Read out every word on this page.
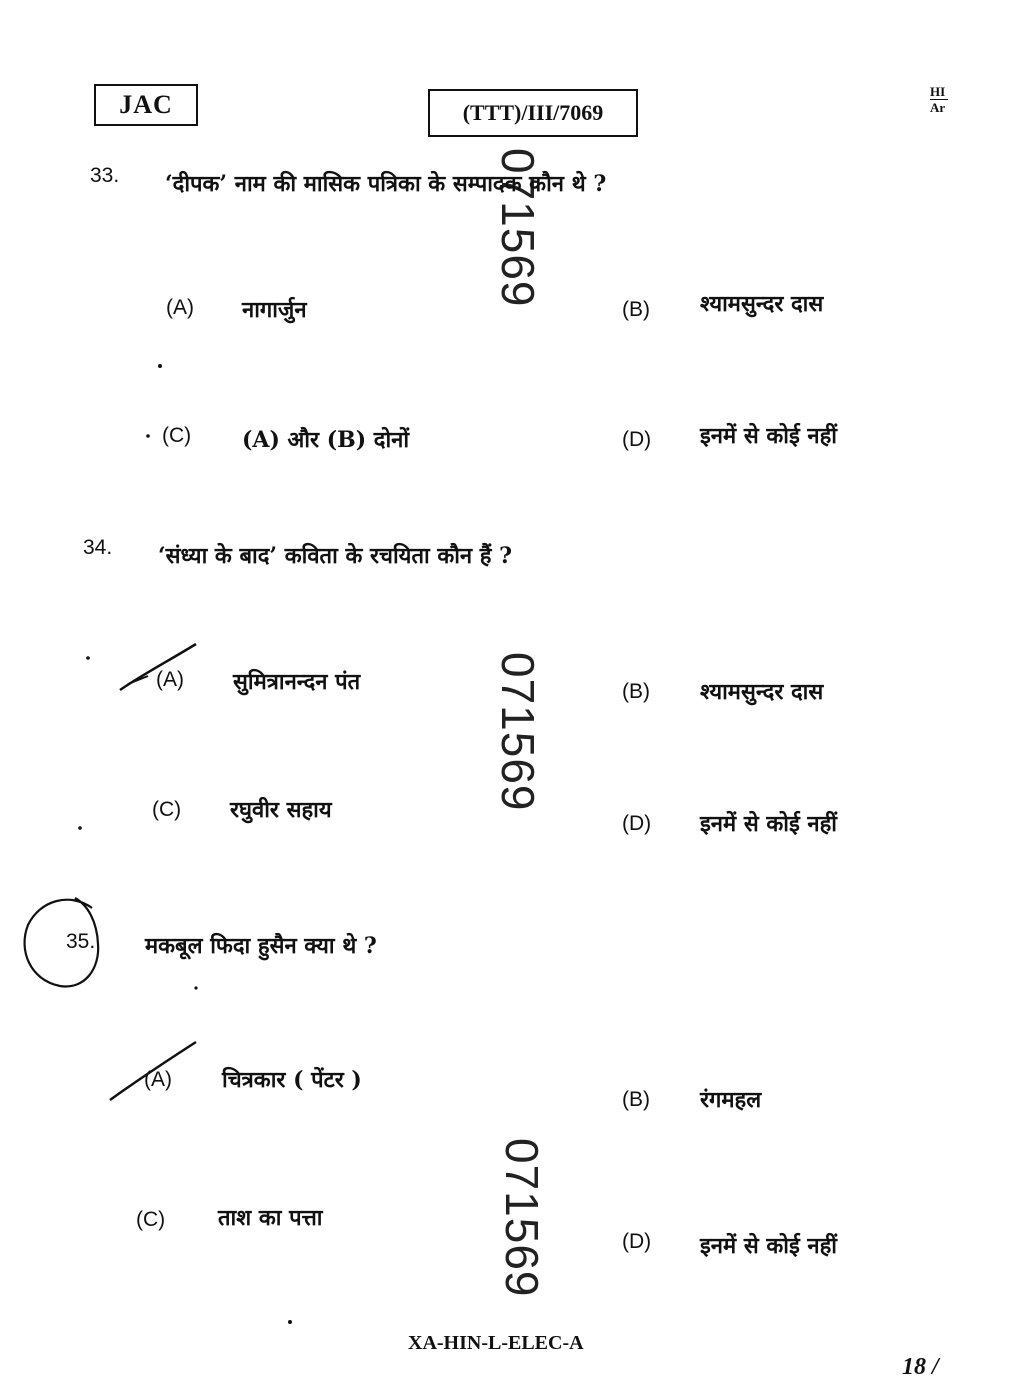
JAC	(TTT)/III/7069
HI
Ar
071569
071569
071569
33. ‘दीपक’ नाम की मासिक पत्रिका के सम्पादक कौन थे ?
(A) नागार्जुन	(B) श्यामसुन्दर दास
(C) (A) और (B) दोनों	(D) इनमें से कोई नहीं
34. ‘संध्या के बाद’ कविता के रचयिता कौन हैं ?
(A) सुमित्रानन्दन पंत	(B) श्यामसुन्दर दास
(C) रघुवीर सहाय
(D) इनमें से कोई नहीं
35. मकबूल फिदा हुसैन क्या थे ?
(A) चित्रकार ( पेंटर )
(B) रंगमहल
(C) ताश का पत्ता
(D) इनमें से कोई नहीं
XA-HIN-L-ELEC-A
18 /
